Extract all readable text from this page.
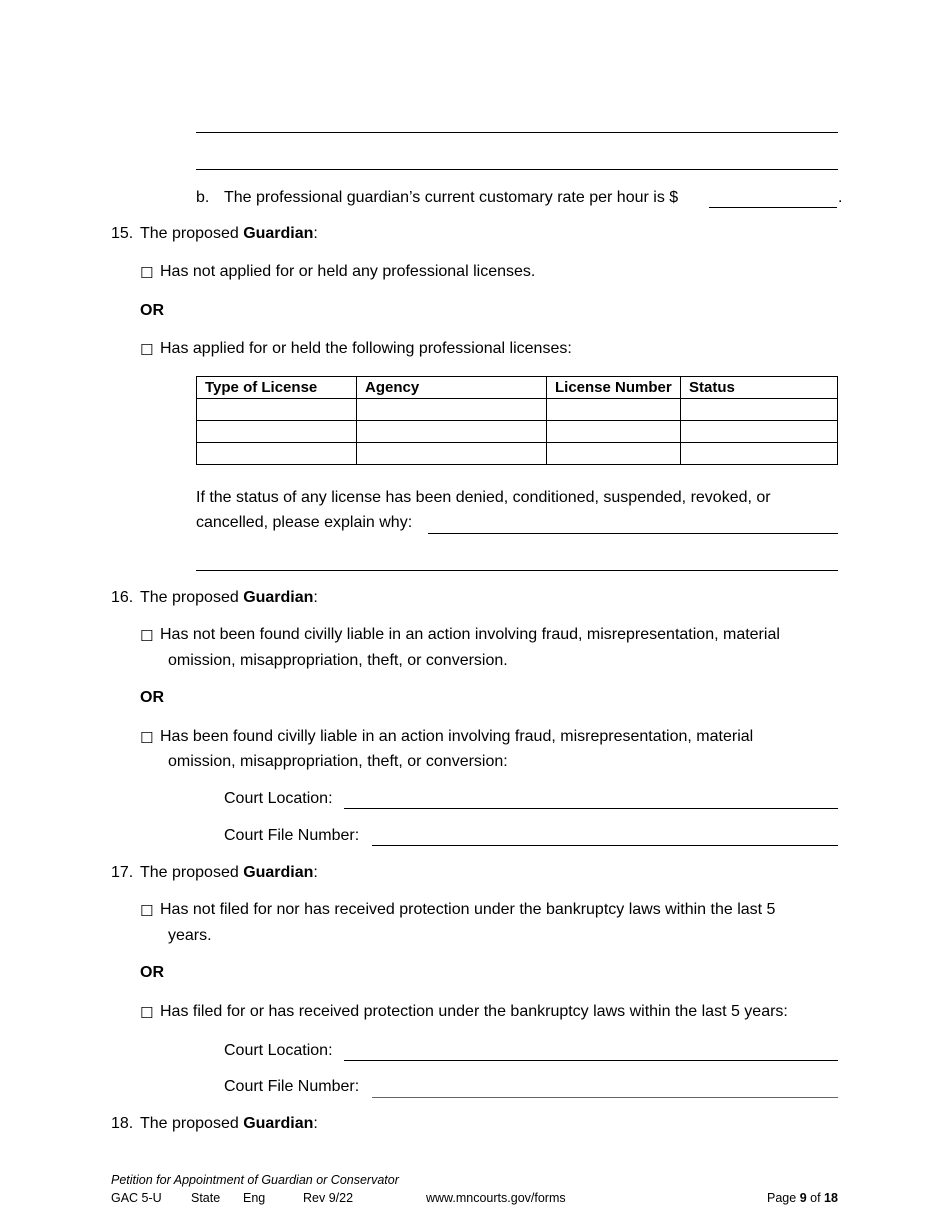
b. The professional guardian’s current customary rate per hour is $	.
15. The proposed Guardian:
☐ Has not applied for or held any professional licenses.
OR
☐ Has applied for or held the following professional licenses:
Type of License	Agency	License Number	Status

If the status of any license has been denied, conditioned, suspended, revoked, or
cancelled, please explain why:
16. The proposed Guardian:
☐ Has not been found civilly liable in an action involving fraud, misrepresentation, material
omission, misappropriation, theft, or conversion.
OR
☐ Has been found civilly liable in an action involving fraud, misrepresentation, material
omission, misappropriation, theft, or conversion:
Court Location:
Court File Number:
17. The proposed Guardian:
☐ Has not filed for nor has received protection under the bankruptcy laws within the last 5
years.
OR
☐ Has filed for or has received protection under the bankruptcy laws within the last 5 years:
Court Location:
Court File Number:
18. The proposed Guardian:
Petition for Appointment of Guardian or Conservator
GAC 5-U State Eng	Rev 9/22	www.mncourts.gov/forms	Page 9 of 18
